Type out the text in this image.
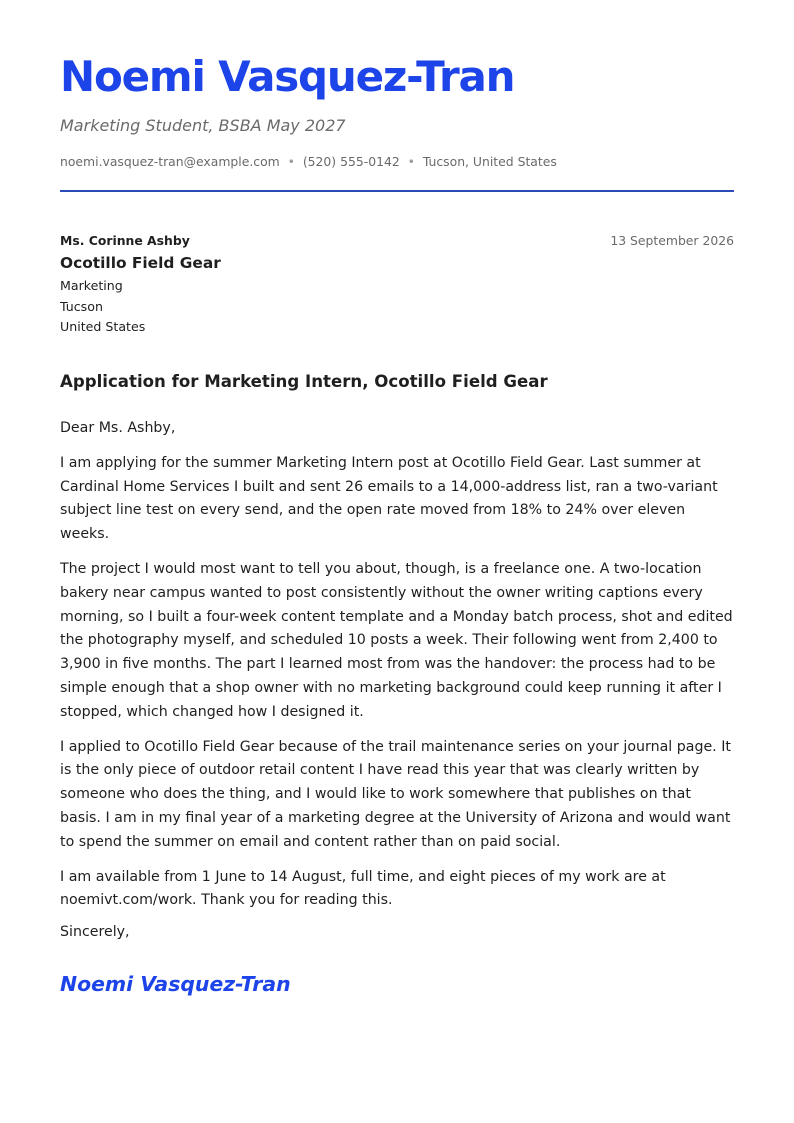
Noemi Vasquez-Tran
Marketing Student, BSBA May 2027
noemi.vasquez-tran@example.com • (520) 555-0142 • Tucson, United States
Ms. Corinne Ashby	13 September 2026
Ocotillo Field Gear
Marketing
Tucson
United States
Application for Marketing Intern, Ocotillo Field Gear

Dear Ms. Ashby,

I am applying for the summer Marketing Intern post at Ocotillo Field Gear. Last summer at Cardinal Home Services I built and sent 26 emails to a 14,000-address list, ran a two-variant subject line test on every send, and the open rate moved from 18% to 24% over eleven weeks.

The project I would most want to tell you about, though, is a freelance one. A two-location bakery near campus wanted to post consistently without the owner writing captions every morning, so I built a four-week content template and a Monday batch process, shot and edited the photography myself, and scheduled 10 posts a week. Their following went from 2,400 to 3,900 in five months. The part I learned most from was the handover: the process had to be simple enough that a shop owner with no marketing background could keep running it after I stopped, which changed how I designed it.

I applied to Ocotillo Field Gear because of the trail maintenance series on your journal page. It is the only piece of outdoor retail content I have read this year that was clearly written by someone who does the thing, and I would like to work somewhere that publishes on that basis. I am in my final year of a marketing degree at the University of Arizona and would want to spend the summer on email and content rather than on paid social.

I am available from 1 June to 14 August, full time, and eight pieces of my work are at noemivt.com/work. Thank you for reading this.

Sincerely,
Noemi Vasquez-Tran
